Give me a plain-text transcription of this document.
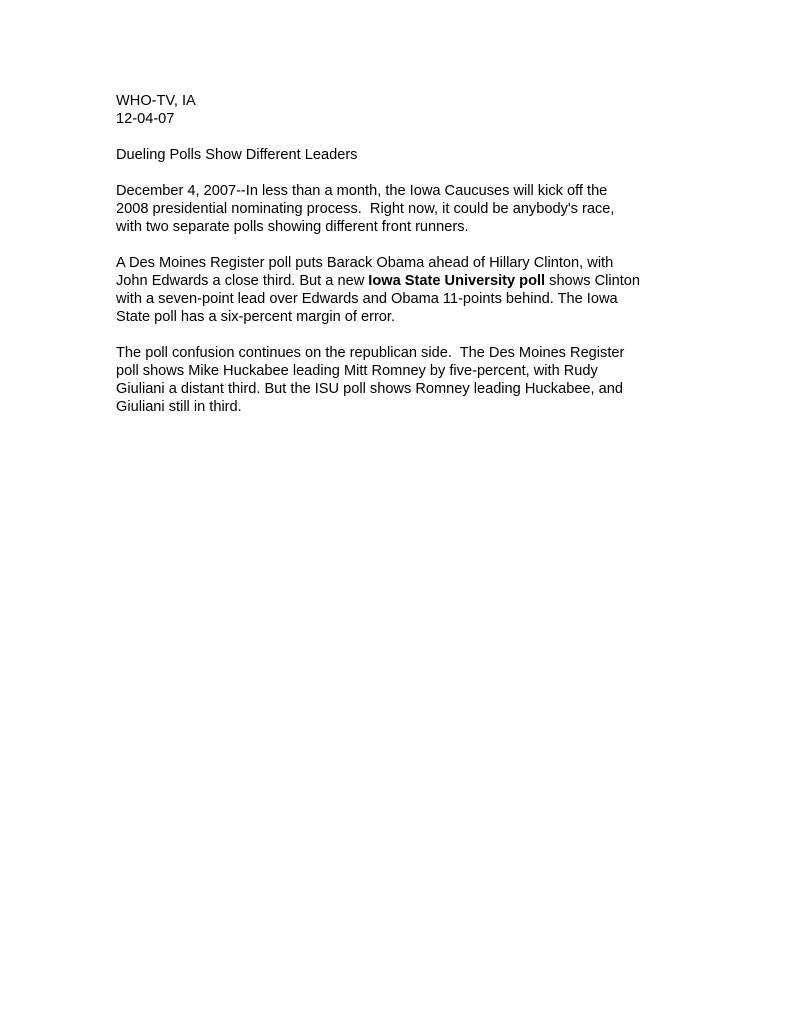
WHO-TV, IA
12-04-07
Dueling Polls Show Different Leaders
December 4, 2007--In less than a month, the Iowa Caucuses will kick off the
2008 presidential nominating process.  Right now, it could be anybody's race,
with two separate polls showing different front runners.
A Des Moines Register poll puts Barack Obama ahead of Hillary Clinton, with
John Edwards a close third. But a new Iowa State University poll shows Clinton
with a seven-point lead over Edwards and Obama 11-points behind. The Iowa
State poll has a six-percent margin of error.
The poll confusion continues on the republican side.  The Des Moines Register
poll shows Mike Huckabee leading Mitt Romney by five-percent, with Rudy
Giuliani a distant third. But the ISU poll shows Romney leading Huckabee, and
Giuliani still in third.
